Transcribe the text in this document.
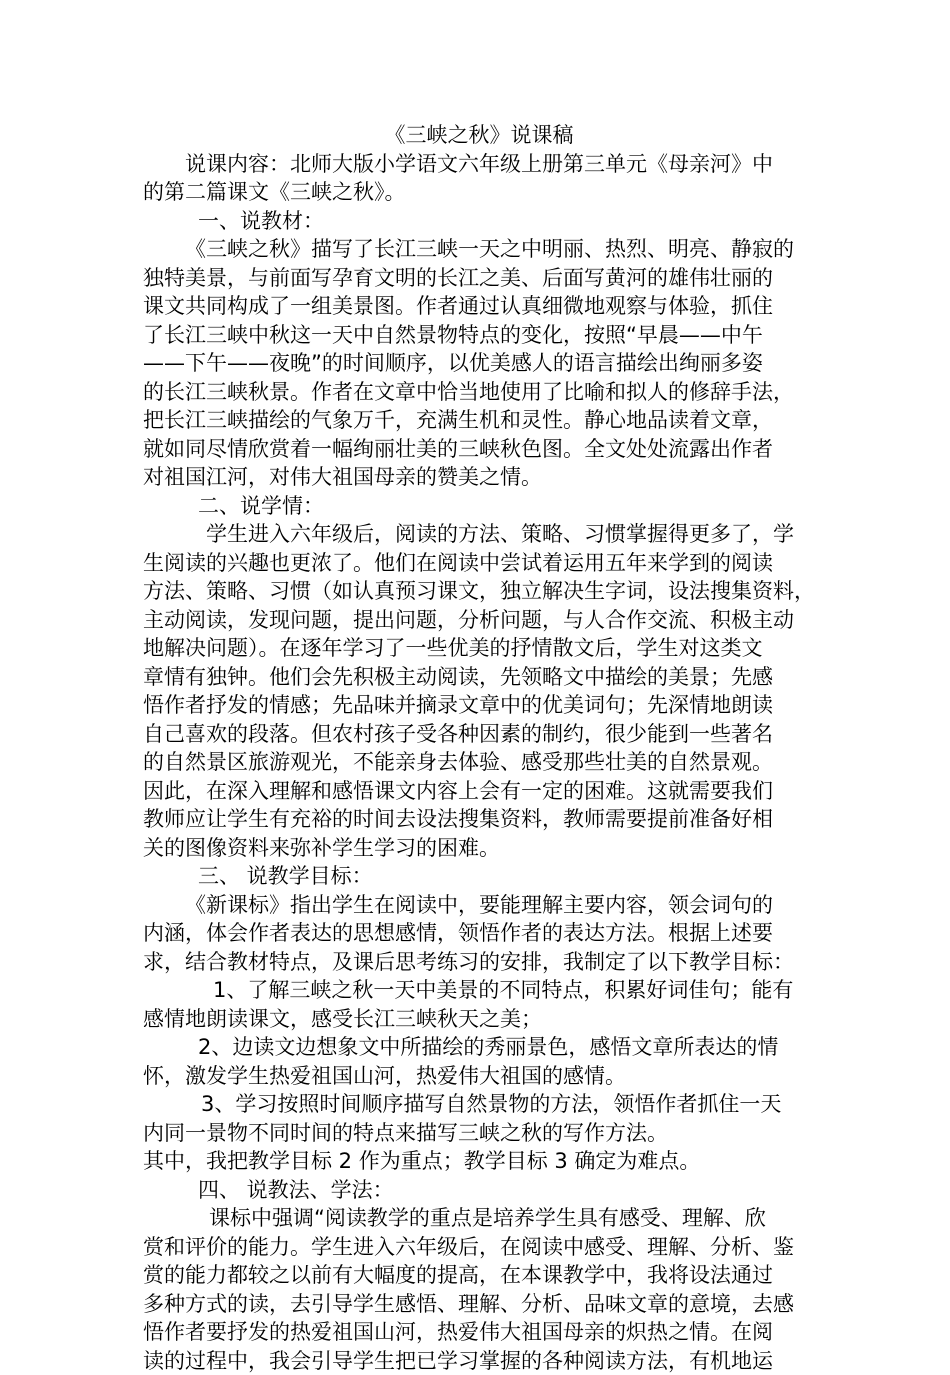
《三峡之秋》说课稿
说课内容：北师大版小学语文六年级上册第三单元《母亲河》中
的第二篇课文《三峡之秋》。
一、说教材：
《三峡之秋》描写了长江三峡一天之中明丽、热烈、明亮、静寂的
独特美景，与前面写孕育文明的长江之美、后面写黄河的雄伟壮丽的
课文共同构成了一组美景图。作者通过认真细微地观察与体验，抓住
了长江三峡中秋这一天中自然景物特点的变化，按照“早晨——中午
——下午——夜晚”的时间顺序，以优美感人的语言描绘出绚丽多姿
的长江三峡秋景。作者在文章中恰当地使用了比喻和拟人的修辞手法，
把长江三峡描绘的气象万千，充满生机和灵性。静心地品读着文章，
就如同尽情欣赏着一幅绚丽壮美的三峡秋色图。全文处处流露出作者
对祖国江河，对伟大祖国母亲的赞美之情。
二、说学情：
学生进入六年级后，阅读的方法、策略、习惯掌握得更多了，学
生阅读的兴趣也更浓了。他们在阅读中尝试着运用五年来学到的阅读
方法、策略、习惯（如认真预习课文，独立解决生字词，设法搜集资料，
主动阅读，发现问题，提出问题，分析问题，与人合作交流、积极主动
地解决问题）。在逐年学习了一些优美的抒情散文后，学生对这类文
章情有独钟。他们会先积极主动阅读，先领略文中描绘的美景；先感
悟作者抒发的情感；先品味并摘录文章中的优美词句；先深情地朗读
自己喜欢的段落。但农村孩子受各种因素的制约，很少能到一些著名
的自然景区旅游观光，不能亲身去体验、感受那些壮美的自然景观。
因此，在深入理解和感悟课文内容上会有一定的困难。这就需要我们
教师应让学生有充裕的时间去设法搜集资料，教师需要提前准备好相
关的图像资料来弥补学生学习的困难。
三、 说教学目标：
《新课标》指出学生在阅读中，要能理解主要内容，领会词句的
内涵，体会作者表达的思想感情，领悟作者的表达方法。根据上述要
求，结合教材特点，及课后思考练习的安排，我制定了以下教学目标：
1、了解三峡之秋一天中美景的不同特点，积累好词佳句；能有
感情地朗读课文，感受长江三峡秋天之美；
2、边读文边想象文中所描绘的秀丽景色，感悟文章所表达的情
怀，激发学生热爱祖国山河，热爱伟大祖国的感情。
3、学习按照时间顺序描写自然景物的方法，领悟作者抓住一天
内同一景物不同时间的特点来描写三峡之秋的写作方法。
其中，我把教学目标 2 作为重点；教学目标 3 确定为难点。
四、 说教法、学法：
课标中强调“阅读教学的重点是培养学生具有感受、理解、欣
赏和评价的能力。学生进入六年级后，在阅读中感受、理解、分析、鉴
赏的能力都较之以前有大幅度的提高，在本课教学中，我将设法通过
多种方式的读，去引导学生感悟、理解、分析、品味文章的意境，去感
悟作者要抒发的热爱祖国山河，热爱伟大祖国母亲的炽热之情。在阅
读的过程中，我会引导学生把已学习掌握的各种阅读方法，有机地运
